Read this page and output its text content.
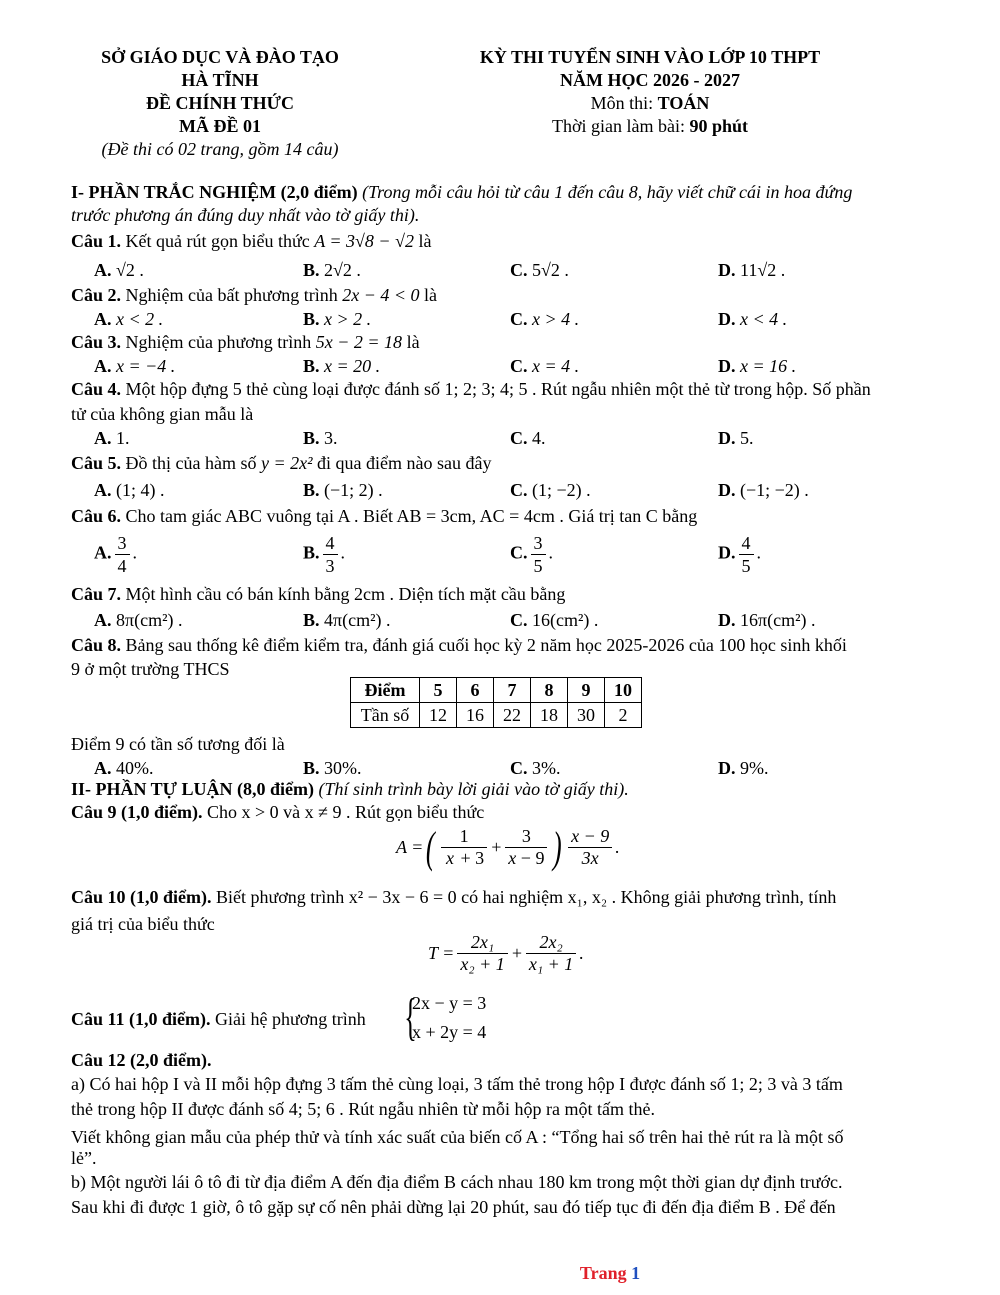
SỞ GIÁO DỤC VÀ ĐÀO TẠO
HÀ TĨNH
ĐỀ CHÍNH THỨC
MÃ ĐỀ 01
(Đề thi có 02 trang, gồm 14 câu)
KỲ THI TUYỂN SINH VÀO LỚP 10 THPT
NĂM HỌC 2026 - 2027
Môn thi: TOÁN
Thời gian làm bài: 90 phút
I- PHẦN TRẮC NGHIỆM (2,0 điểm) (Trong mỗi câu hỏi từ câu 1 đến câu 8, hãy viết chữ cái in hoa đứng
trước phương án đúng duy nhất vào tờ giấy thi).
Câu 1. Kết quả rút gọn biểu thức A = 3√8 − √2 là
A. √2 .	B. 2√2 .	C. 5√2 .	D. 11√2 .
Câu 2. Nghiệm của bất phương trình 2x − 4 < 0 là
A. x < 2 .	B. x > 2 .	C. x > 4 .	D. x < 4 .
Câu 3. Nghiệm của phương trình 5x − 2 = 18 là
A. x = −4 .	B. x = 20 .	C. x = 4 .	D. x = 16 .
Câu 4. Một hộp đựng 5 thẻ cùng loại được đánh số 1; 2; 3; 4; 5 . Rút ngẫu nhiên một thẻ từ trong hộp. Số phần
tử của không gian mẫu là
A. 1.	B. 3.	C. 4.	D. 5.
Câu 5. Đồ thị của hàm số y = 2x² đi qua điểm nào sau đây
A. (1; 4) .	B. (−1; 2) .	C. (1; −2) .	D. (−1; −2) .
Câu 6. Cho tam giác ABC vuông tại A . Biết AB = 3cm, AC = 4cm . Giá trị tan C bằng
A. $\frac{3}{4}$ .	B. $\frac{4}{3}$ .	C. $\frac{3}{5}$ .	D. $\frac{4}{5}$ .
Câu 7. Một hình cầu có bán kính bằng 2cm . Diện tích mặt cầu bằng
A. 8π(cm²) .	B. 4π(cm²) .	C. 16(cm²) .	D. 16π(cm²) .
Câu 8. Bảng sau thống kê điểm kiểm tra, đánh giá cuối học kỳ 2 năm học 2025-2026 của 100 học sinh khối
9 ở một trường THCS
Điểm	5	6	7	8	9	10
Tần số	12	16	22	18	30	2
Điểm 9 có tần số tương đối là
A. 40%.	B. 30%.	C. 3%.	D. 9%.
II- PHẦN TỰ LUẬN (8,0 điểm) (Thí sinh trình bày lời giải vào tờ giấy thi).
Câu 9 (1,0 điểm). Cho x > 0 và x ≠ 9 . Rút gọn biểu thức
A =( $\frac{1}{x + 3} + \frac{3}{x - 9}$ ) $\frac{x - 9}{3x}$ .
Câu 10 (1,0 điểm). Biết phương trình x² − 3x − 6 = 0 có hai nghiệm x₁, x₂ . Không giải phương trình, tính
giá trị của biểu thức
$T = \frac{\text{2x₁}}{\text{x₂ + 1}} + \frac{\text{2x₂}}{\text{x₁ + 1}}$ .
Câu 11 (1,0 điểm). Giải hệ phương trình {
2x − y = 3
x + 2y = 4
Câu 12 (2,0 điểm).
a) Có hai hộp I và II mỗi hộp đựng 3 tấm thẻ cùng loại, 3 tấm thẻ trong hộp I được đánh số 1; 2; 3 và 3 tấm
thẻ trong hộp II được đánh số 4; 5; 6 . Rút ngẫu nhiên từ mỗi hộp ra một tấm thẻ.
Viết không gian mẫu của phép thử và tính xác suất của biến cố A : “Tổng hai số trên hai thẻ rút ra là một số
lẻ”.
b) Một người lái ô tô đi từ địa điểm A đến địa điểm B cách nhau 180 km trong một thời gian dự định trước.
Sau khi đi được 1 giờ, ô tô gặp sự cố nên phải dừng lại 20 phút, sau đó tiếp tục đi đến địa điểm B . Để đến
Trang 1
